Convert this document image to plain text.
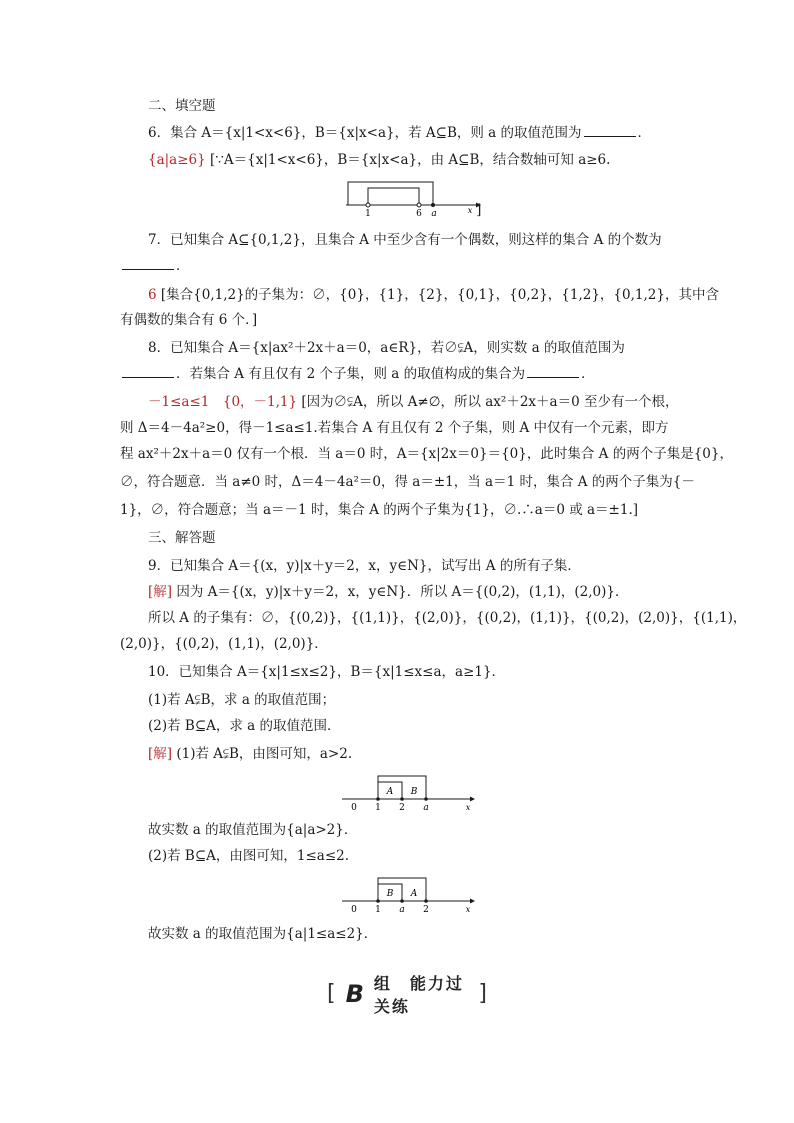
二、填空题
6．集合 A＝{x|1<x<6}，B＝{x|x<a}，若 A⊆B，则 a 的取值范围为	．
{a|a≥6} [∵A＝{x|1<x<6}，B＝{x|x<a}，由 A⊆B，结合数轴可知 a≥6.
1	6 a	x ]
7．已知集合 A⊆{0,1,2}，且集合 A 中至少含有一个偶数，则这样的集合 A 的个数为
．
6 [集合{0,1,2}的子集为：∅，{0}，{1}，{2}，{0,1}，{0,2}，{1,2}，{0,1,2}，其中含
有偶数的集合有 6 个．]
8．已知集合 A＝{x|ax²＋2x＋a＝0，a∈R}，若∅⫋A，则实数 a 的取值范围为
．若集合 A 有且仅有 2 个子集，则 a 的取值构成的集合为	．
－1≤a≤1　{0，－1,1} [因为∅⫋A，所以 A≠∅，所以 ax²＋2x＋a＝0 至少有一个根，
则 Δ＝4－4a²≥0，得－1≤a≤1.若集合 A 有且仅有 2 个子集，则 A 中仅有一个元素，即方
程 ax²＋2x＋a＝0 仅有一个根．当 a＝0 时，A＝{x|2x＝0}＝{0}，此时集合 A 的两个子集是{0}，
∅，符合题意．当 a≠0 时，Δ＝4－4a²＝0，得 a＝±1，当 a＝1 时，集合 A 的两个子集为{－
1}，∅，符合题意；当 a＝－1 时，集合 A 的两个子集为{1}，∅.∴a＝0 或 a＝±1.]
三、解答题
9．已知集合 A＝{(x，y)|x＋y＝2，x，y∈N}，试写出 A 的所有子集．
[解] 因为 A＝{(x，y)|x＋y＝2，x，y∈N}．所以 A＝{(0,2)，(1,1)，(2,0)}．
所以 A 的子集有：∅，{(0,2)}，{(1,1)}，{(2,0)}，{(0,2)，(1,1)}，{(0,2)，(2,0)}，{(1,1)，
(2,0)}，{(0,2)，(1,1)，(2,0)}．
10．已知集合 A＝{x|1≤x≤2}，B＝{x|1≤x≤a，a≥1}．
(1)若 A⫋B，求 a 的取值范围；
(2)若 B⊆A，求 a 的取值范围．
[解] (1)若 A⫋B，由图可知，a>2.
A B
0 1 2 a	x
故实数 a 的取值范围为{a|a>2}．
(2)若 B⊆A，由图可知，1≤a≤2.
B A
0 1 a 2	x
故实数 a 的取值范围为{a|1≤a≤2}．
[ B 组　能力过关练
]
